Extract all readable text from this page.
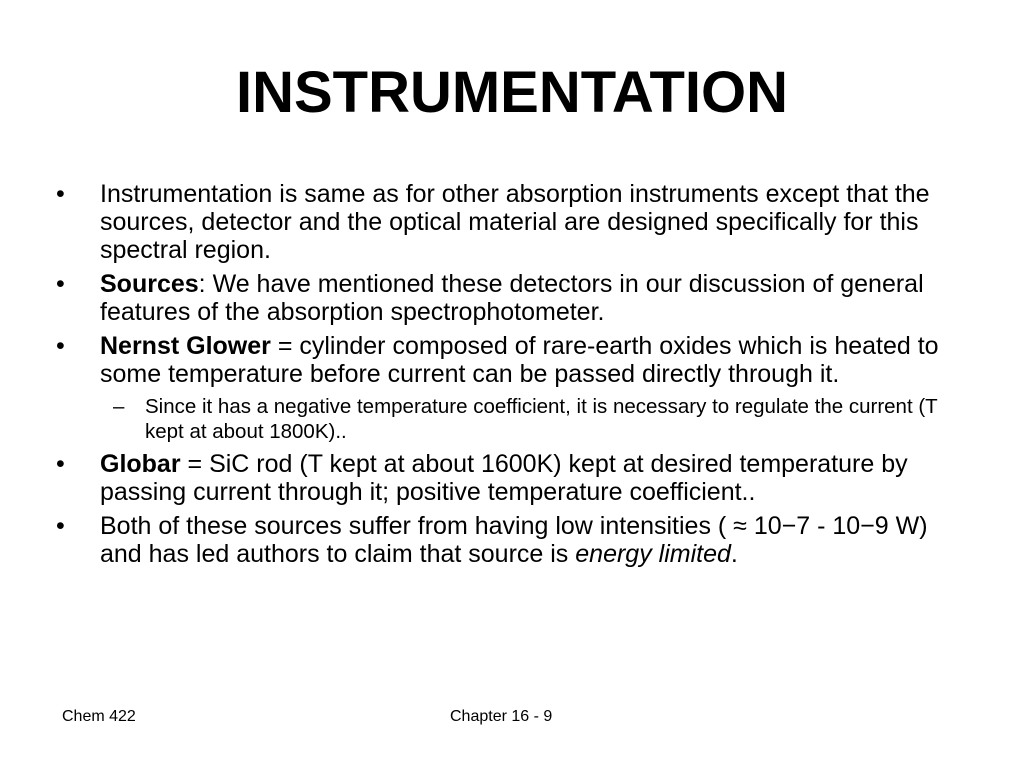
INSTRUMENTATION
•	Instrumentation is same as for other absorption instruments except that the sources, detector and the optical material are designed specifically for this spectral region.
•	Sources: We have mentioned these detectors in our discussion of general features of the absorption spectrophotometer.
•	Nernst Glower = cylinder composed of rare-earth oxides which is heated to some temperature before current can be passed directly through it.
– Since it has a negative temperature coefficient, it is necessary to regulate the current (T kept at about 1800K)..
•	Globar = SiC rod (T kept at about 1600K) kept at desired temperature by passing current through it; positive temperature coefficient..
•	Both of these sources suffer from having low intensities ( ≈ 10−7 - 10−9 W) and has led authors to claim that source is energy limited.
Chem 422	Chapter 16 - 9
